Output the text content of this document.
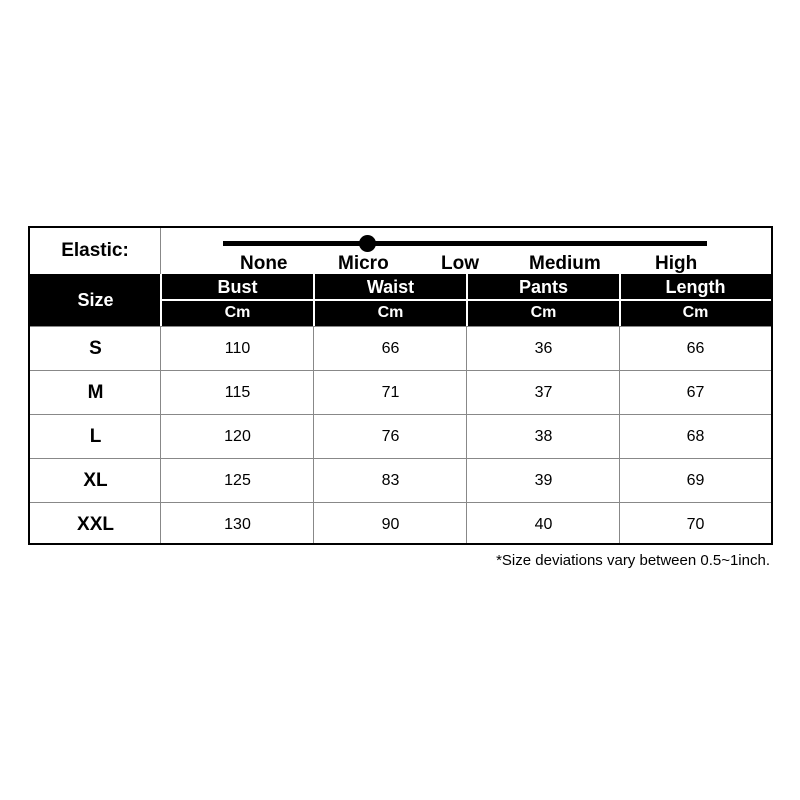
Elastic:
None	Micro	Low	Medium	High
Size
Bust	Waist	Pants	Length
Cm	Cm	Cm	Cm
S	110	66	36	66
M	115	71	37	67
L	120	76	38	68
XL	125	83	39	69
XXL	130	90	40	70
*Size deviations vary between 0.5~1inch.
